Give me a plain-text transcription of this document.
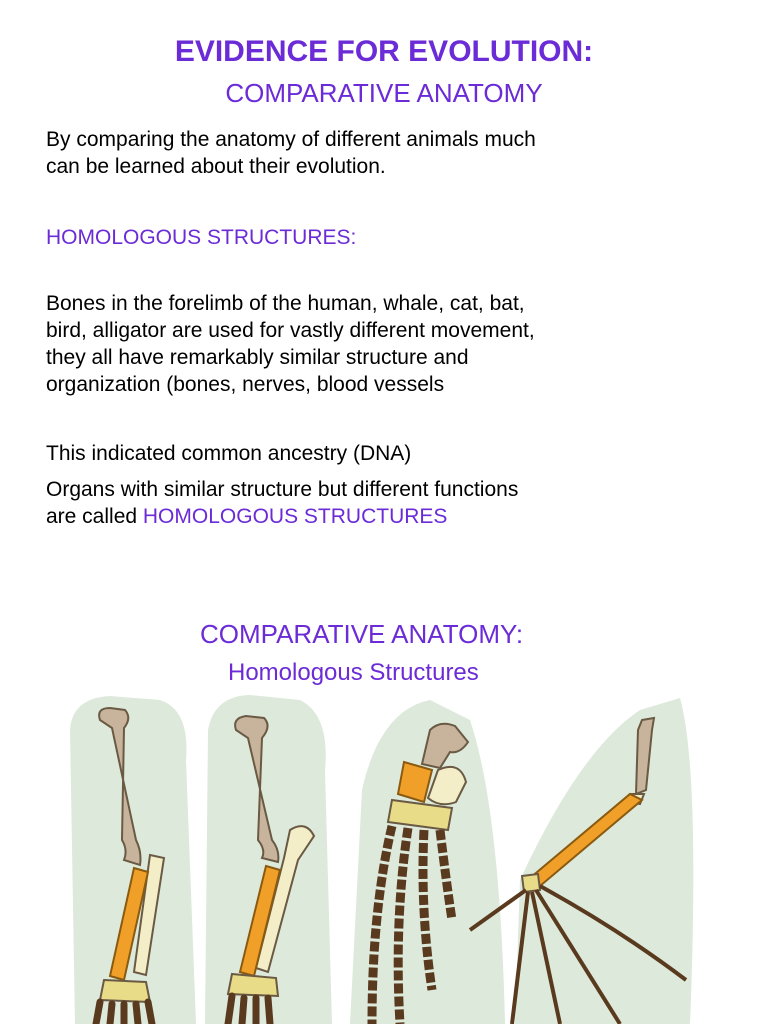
EVIDENCE FOR EVOLUTION:
COMPARATIVE ANATOMY
By comparing the anatomy of different animals much
can be learned about their evolution.
HOMOLOGOUS STRUCTURES:
Bones in the forelimb of the human, whale, cat, bat,
bird, alligator are used for vastly different movement,
they all have remarkably similar structure and
organization (bones, nerves, blood vessels
This indicated common ancestry (DNA)
Organs with similar structure but different functions
are called HOMOLOGOUS STRUCTURES
COMPARATIVE ANATOMY:
Homologous Structures
